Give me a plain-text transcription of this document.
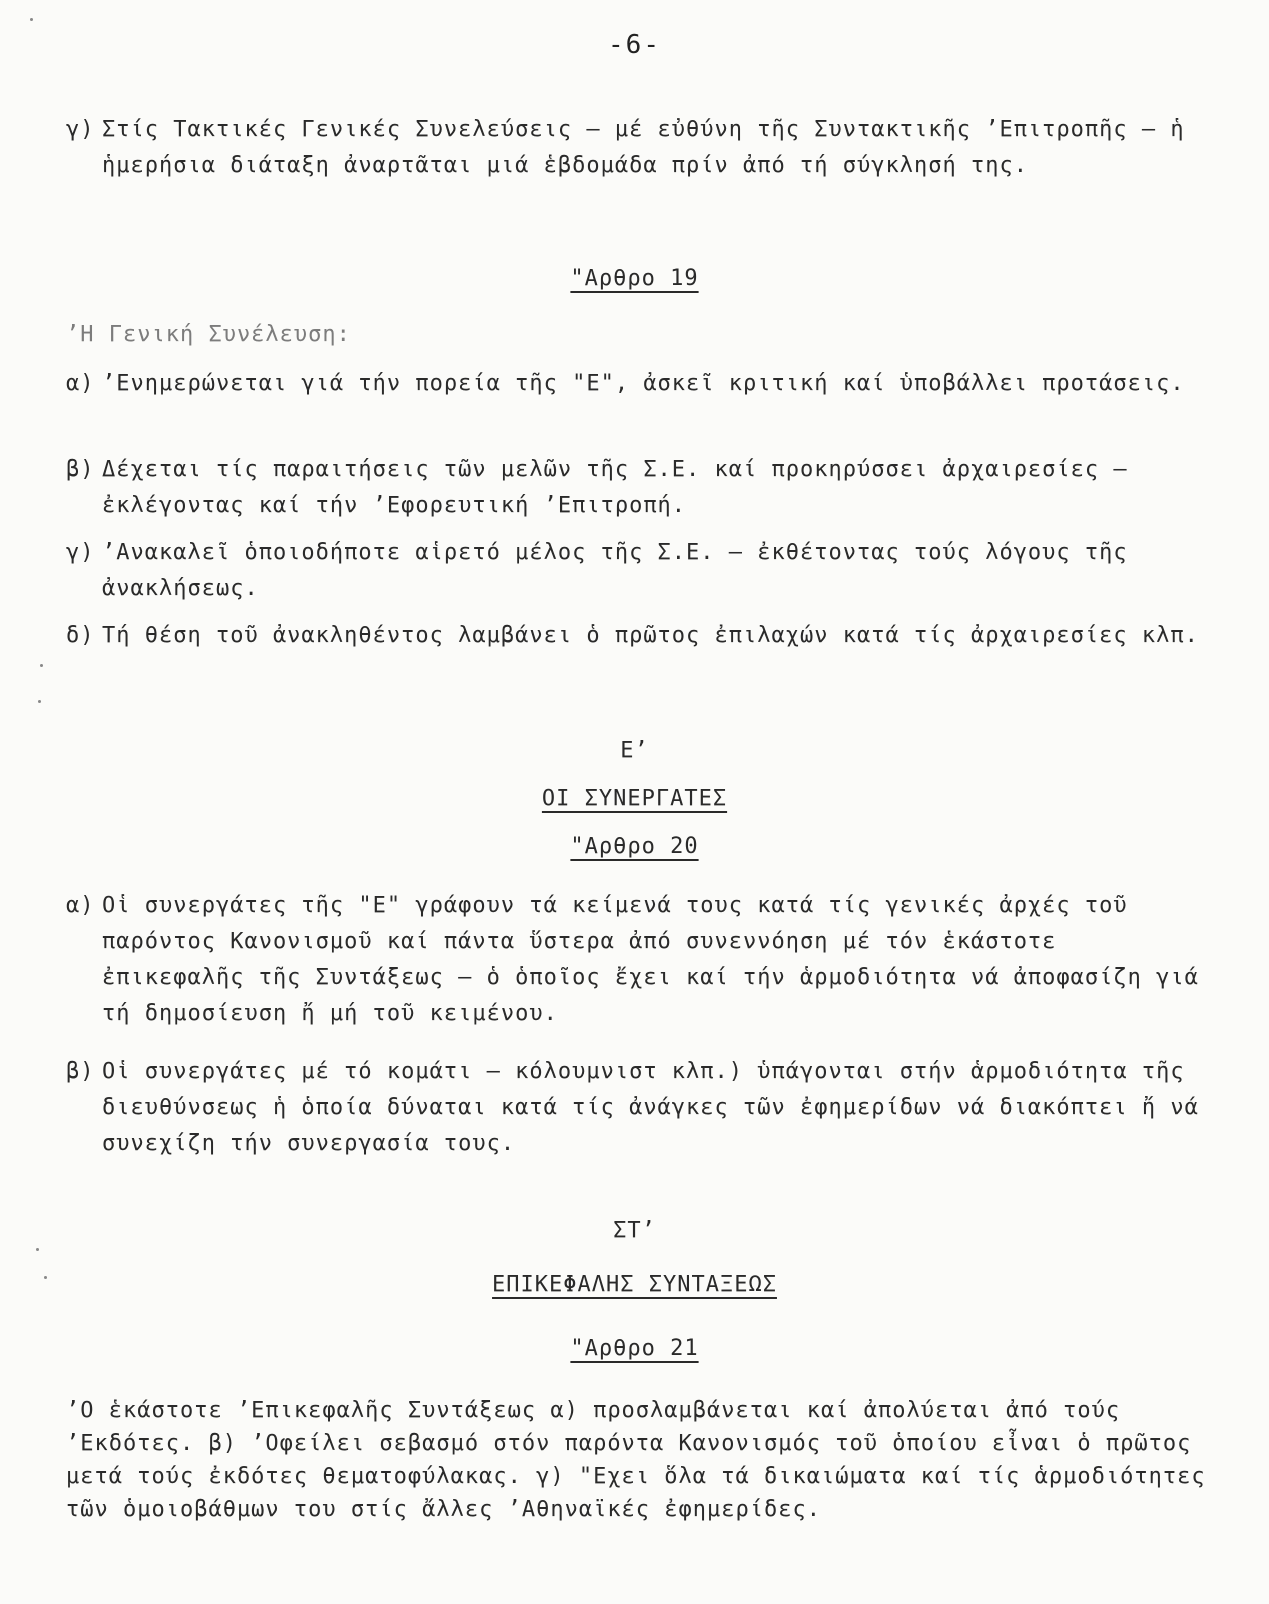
-6-
γ) Στίς Τακτικές Γενικές Συνελεύσεις – μέ εὐθύνη τῆς Συντακτικῆς ’Επιτροπῆς – ἡ ἡμερήσια διάταξη ἀναρτᾶται μιά ἑβδομάδα πρίν ἀπό τή σύγκλησή της.
"Αρθρο 19
’Η Γενική Συνέλευση:
α) ’Ενημερώνεται γιά τήν πορεία τῆς "Ε", ἀσκεῖ κριτική καί ὑποβάλλει προτάσεις.
β) Δέχεται τίς παραιτήσεις τῶν μελῶν τῆς Σ.Ε. καί προκηρύσσει ἀρχαιρεσίες – ἐκλέγοντας καί τήν ’Εφορευτική ’Επιτροπή.
γ) ’Ανακαλεῖ ὁποιοδήποτε αἱρετό μέλος τῆς Σ.Ε. – ἐκθέτοντας τούς λόγους τῆς ἀνακλήσεως.
δ) Τή θέση τοῦ ἀνακληθέντος λαμβάνει ὁ πρῶτος ἐπιλαχών κατά τίς ἀρχαιρεσίες κλπ.
Ε’
ΟΙ ΣΥΝΕΡΓΑΤΕΣ
"Αρθρο 20
α) Οἱ συνεργάτες τῆς "Ε" γράφουν τά κείμενά τους κατά τίς γενικές ἀρχές τοῦ παρόντος Κανονισμοῦ καί πάντα ὕστερα ἀπό συνεννόηση μέ τόν ἑκάστοτε ἐπικεφαλῆς τῆς Συντάξεως – ὁ ὁποῖος ἔχει καί τήν ἁρμοδιότητα νά ἀποφασίζη γιά τή δημοσίευση ἤ μή τοῦ κειμένου.
β) Οἱ συνεργάτες μέ τό κομάτι – κόλουμνιστ κλπ.) ὑπάγονται στήν ἁρμοδιότητα τῆς διευθύνσεως ἡ ὁποία δύναται κατά τίς ἀνάγκες τῶν ἐφημερίδων νά διακόπτει ἤ νά συνεχίζη τήν συνεργασία τους.
ΣΤ’
ΕΠΙΚΕΦΑΛΗΣ ΣΥΝΤΑΞΕΩΣ
"Αρθρο 21
’Ο ἑκάστοτε ’Επικεφαλῆς Συντάξεως α) προσλαμβάνεται καί ἀπολύεται ἀπό τούς ’Εκδότες. β) ’Οφείλει σεβασμό στόν παρόντα Κανονισμός τοῦ ὁποίου εἶναι ὁ πρῶτος μετά τούς ἐκδότες θεματοφύλακας. γ) "Εχει ὅλα τά δικαιώματα καί τίς ἁρμοδιότητες τῶν ὁμοιοβάθμων του στίς ἄλλες ’Αθηναϊκές ἐφημερίδες.
